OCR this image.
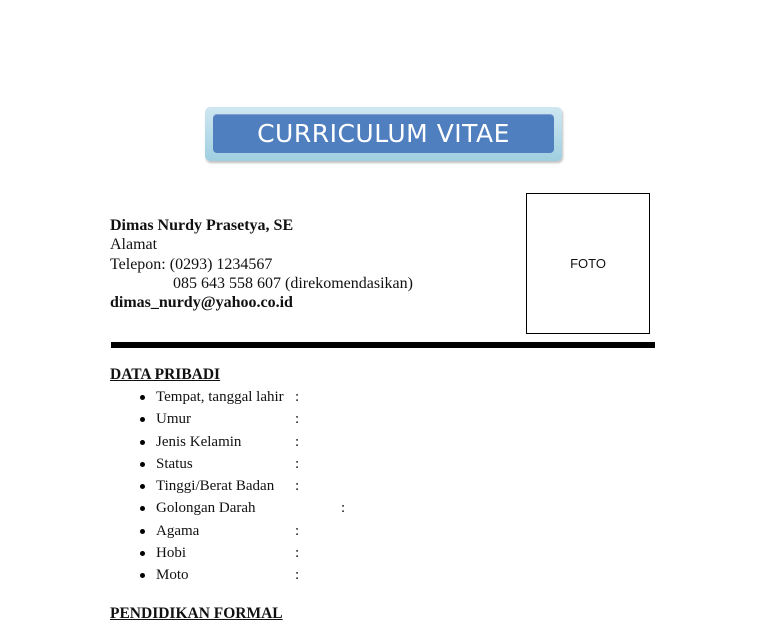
CURRICULUM VITAE
Dimas Nurdy Prasetya, SE
Alamat
Telepon: (0293) 1234567
085 643 558 607 (direkomendasikan)
dimas_nurdy@yahoo.co.id
FOTO
DATA PRIBADI
Tempat, tanggal lahir :
Umur	:
Jenis Kelamin	:
Status	:
Tinggi/Berat Badan :
Golongan Darah	:
Agama	:
Hobi	:
Moto	:
PENDIDIKAN FORMAL
